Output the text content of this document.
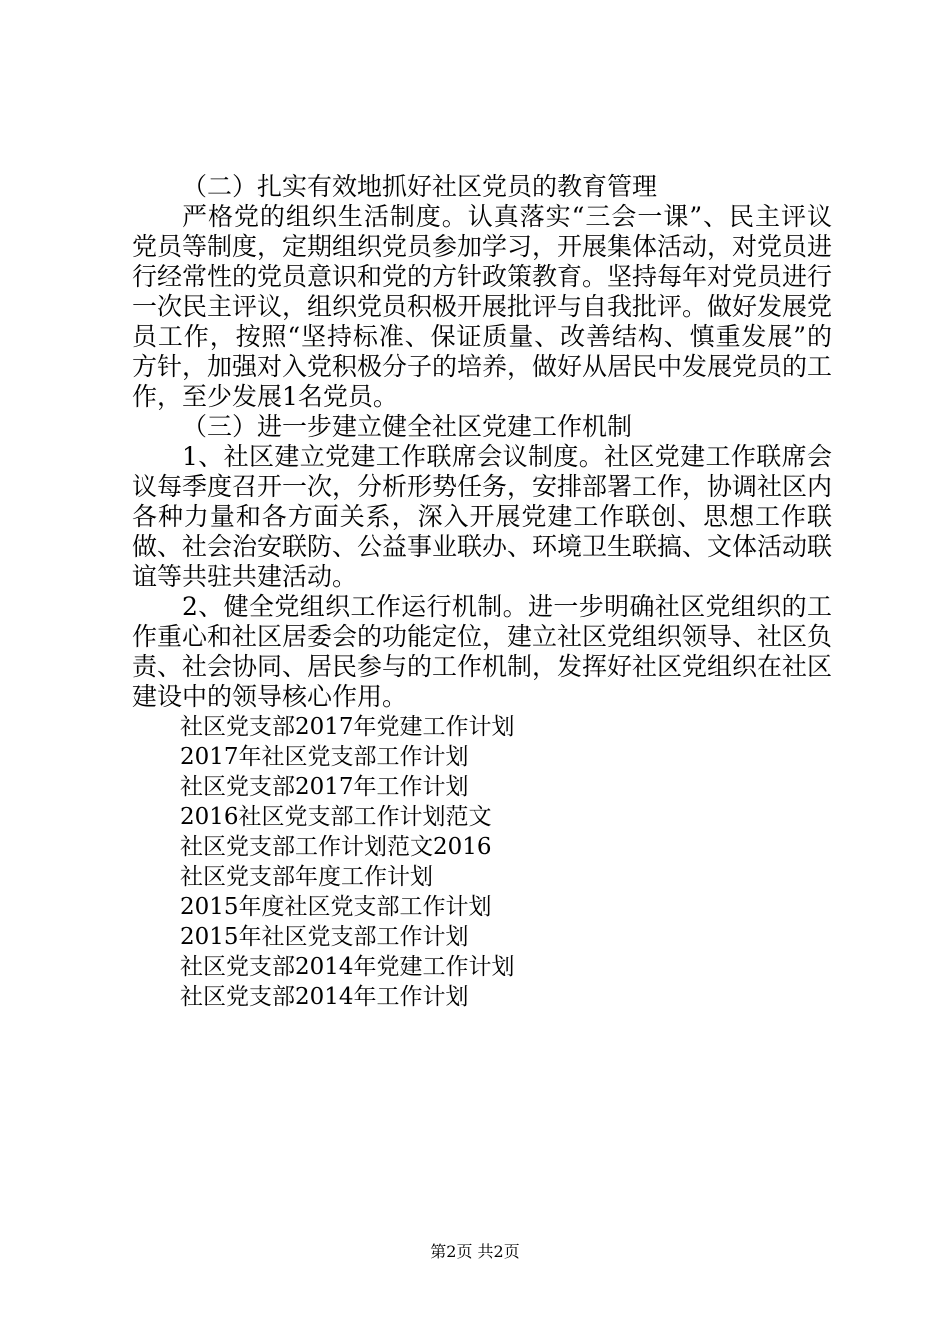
（二）扎实有效地抓好社区党员的教育管理

严格党的组织生活制度。认真落实“三会一课”、民主评议党员等制度，定期组织党员参加学习，开展集体活动，对党员进行经常性的党员意识和党的方针政策教育。坚持每年对党员进行一次民主评议，组织党员积极开展批评与自我批评。做好发展党员工作，按照“坚持标准、保证质量、改善结构、慎重发展”的方针，加强对入党积极分子的培养，做好从居民中发展党员的工作，至少发展1名党员。

（三）进一步建立健全社区党建工作机制

1、社区建立党建工作联席会议制度。社区党建工作联席会议每季度召开一次，分析形势任务，安排部署工作，协调社区内各种力量和各方面关系，深入开展党建工作联创、思想工作联做、社会治安联防、公益事业联办、环境卫生联搞、文体活动联谊等共驻共建活动。

2、健全党组织工作运行机制。进一步明确社区党组织的工作重心和社区居委会的功能定位，建立社区党组织领导、社区负责、社会协同、居民参与的工作机制，发挥好社区党组织在社区建设中的领导核心作用。

社区党支部2017年党建工作计划
2017年社区党支部工作计划
社区党支部2017年工作计划
2016社区党支部工作计划范文
社区党支部工作计划范文2016
社区党支部年度工作计划
2015年度社区党支部工作计划
2015年社区党支部工作计划
社区党支部2014年党建工作计划
社区党支部2014年工作计划
第2页 共2页
